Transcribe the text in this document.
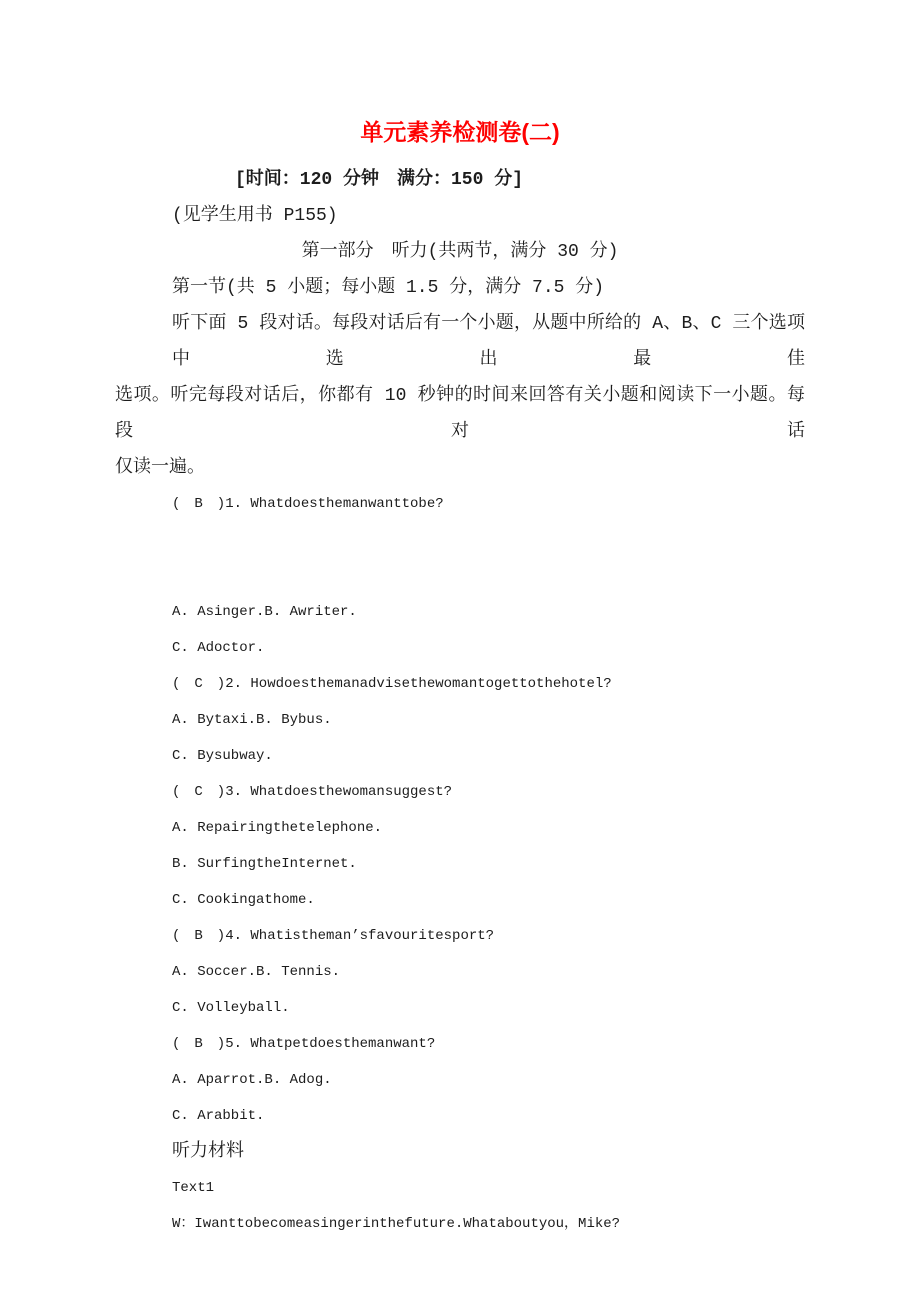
单元素养检测卷(二)

[时间：120 分钟　满分：150 分]

(见学生用书 P155)

第一部分　听力(共两节，满分 30 分)

第一节(共 5 小题；每小题 1.5 分，满分 7.5 分)

听下面 5 段对话。每段对话后有一个小题，从题中所给的 A、B、C 三个选项中选出最佳

选项。听完每段对话后，你都有 10 秒钟的时间来回答有关小题和阅读下一小题。每段对话

仅读一遍。

(　B　)1. Whatdoesthemanwanttobe?

A. Asinger.B. Awriter.

C. Adoctor.

(　C　)2. Howdoesthemanadvisethewomantogettothehotel?

A. Bytaxi.B. Bybus.

C. Bysubway.

(　C　)3. Whatdoesthewomansuggest?

A. Repairingthetelephone.

B. SurfingtheInternet.

C. Cookingathome.

(　B　)4. Whatistheman’sfavouritesport?

A. Soccer.B. Tennis.

C. Volleyball.

(　B　)5. Whatpetdoesthemanwant?

A. Aparrot.B. Adog.

C. Arabbit.

听力材料

Text1

W：Iwanttobecomeasingerinthefuture.Whataboutyou，Mike?
